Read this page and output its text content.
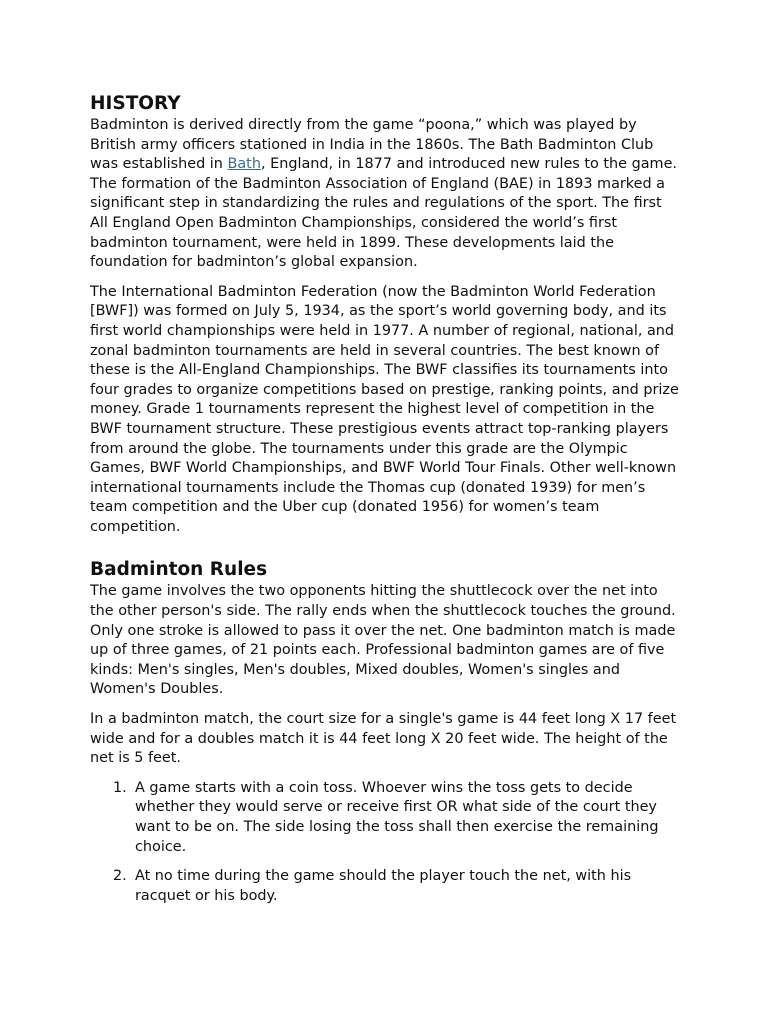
HISTORY

Badminton is derived directly from the game “poona,” which was played by British army officers stationed in India in the 1860s. The Bath Badminton Club was established in Bath, England, in 1877 and introduced new rules to the game. The formation of the Badminton Association of England (BAE) in 1893 marked a significant step in standardizing the rules and regulations of the sport. The first All England Open Badminton Championships, considered the world’s first badminton tournament, were held in 1899. These developments laid the foundation for badminton’s global expansion.

The International Badminton Federation (now the Badminton World Federation [BWF]) was formed on July 5, 1934, as the sport’s world governing body, and its first world championships were held in 1977. A number of regional, national, and zonal badminton tournaments are held in several countries. The best known of these is the All-England Championships. The BWF classifies its tournaments into four grades to organize competitions based on prestige, ranking points, and prize money. Grade 1 tournaments represent the highest level of competition in the BWF tournament structure. These prestigious events attract top-ranking players from around the globe. The tournaments under this grade are the Olympic Games, BWF World Championships, and BWF World Tour Finals. Other well-known international tournaments include the Thomas cup (donated 1939) for men’s team competition and the Uber cup (donated 1956) for women’s team competition.

Badminton Rules

The game involves the two opponents hitting the shuttlecock over the net into the other person's side. The rally ends when the shuttlecock touches the ground. Only one stroke is allowed to pass it over the net. One badminton match is made up of three games, of 21 points each. Professional badminton games are of five kinds: Men's singles, Men's doubles, Mixed doubles, Women's singles and Women's Doubles.

In a badminton match, the court size for a single's game is 44 feet long X 17 feet wide and for a doubles match it is 44 feet long X 20 feet wide. The height of the net is 5 feet.

1. A game starts with a coin toss. Whoever wins the toss gets to decide whether they would serve or receive first OR what side of the court they want to be on. The side losing the toss shall then exercise the remaining choice.
2. At no time during the game should the player touch the net, with his racquet or his body.
